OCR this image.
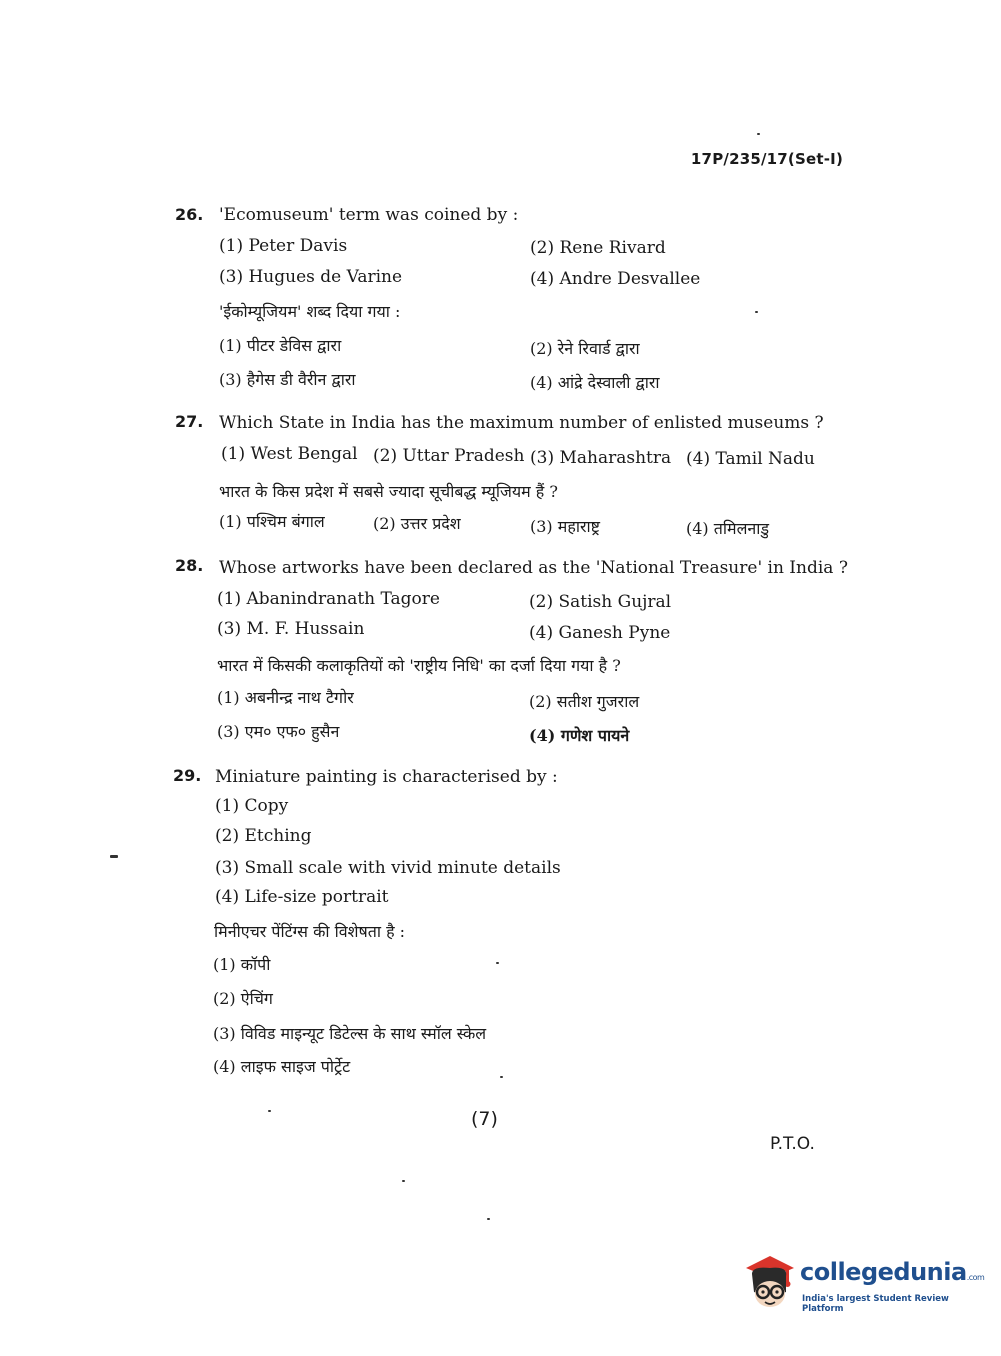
17P/235/17(Set-I)
26. 'Ecomuseum' term was coined by :
(1) Peter Davis	(2) Rene Rivard
(3) Hugues de Varine	(4) Andre Desvallee
'ईकोम्यूजियम' शब्द दिया गया :
(1) पीटर डेविस द्वारा	(2) रेने रिवार्ड द्वारा
(3) हैगेस डी वैरीन द्वारा	(4) आंद्रे देस्वाली द्वारा
27. Which State in India has the maximum number of enlisted museums ?
(1) West Bengal (2) Uttar Pradesh (3) Maharashtra (4) Tamil Nadu
भारत के किस प्रदेश में सबसे ज्यादा सूचीबद्ध म्यूजियम हैं ?
(1) पश्चिम बंगाल	(2) उत्तर प्रदेश	(3) महाराष्ट्र	(4) तमिलनाडु
28. Whose artworks have been declared as the 'National Treasure' in India ?
(1) Abanindranath Tagore	(2) Satish Gujral
(3) M. F. Hussain	(4) Ganesh Pyne
भारत में किसकी कलाकृतियों को 'राष्ट्रीय निधि' का दर्जा दिया गया है ?
(1) अबनीन्द्र नाथ टैगोर	(2) सतीश गुजराल
(3) एम० एफ० हुसैन	(4) गणेश पायने
29. Miniature painting is characterised by :
(1) Copy
(2) Etching
(3) Small scale with vivid minute details
(4) Life-size portrait
मिनीएचर पेंटिंग्स की विशेषता है :
(1) कॉपी
(2) ऐचिंग
(3) विविड माइन्यूट डिटेल्स के साथ स्मॉल स्केल
(4) लाइफ साइज पोर्ट्रेट
(7)
P.T.O.
collegedunia.com
India's largest Student Review Platform
